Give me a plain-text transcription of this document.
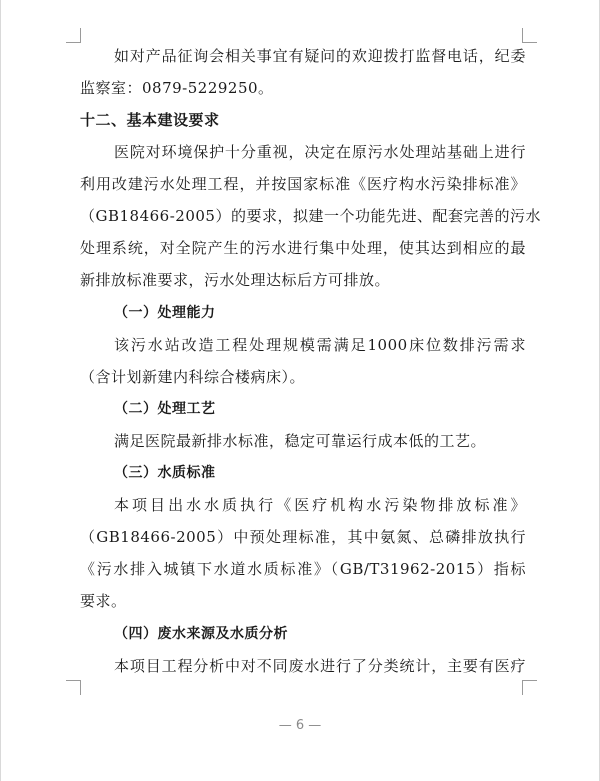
如对产品征询会相关事宜有疑问的欢迎拨打监督电话，纪委
监察室：0879-5229250。
十二、基本建设要求
医院对环境保护十分重视，决定在原污水处理站基础上进行
利用改建污水处理工程，并按国家标准《医疗构水污染排标准》
（GB18466-2005）的要求，拟建一个功能先进、配套完善的污水
处理系统，对全院产生的污水进行集中处理，使其达到相应的最
新排放标准要求，污水处理达标后方可排放。
（一）处理能力
该污水站改造工程处理规模需满足1000床位数排污需求
（含计划新建内科综合楼病床）。
（二）处理工艺
满足医院最新排水标准，稳定可靠运行成本低的工艺。
（三）水质标准
本项目出水水质执行《医疗机构水污染物排放标准》
（GB18466-2005）中预处理标准，其中氨氮、总磷排放执行
《污水排入城镇下水道水质标准》（GB/T31962-2015）指标
要求。
（四）废水来源及水质分析
本项目工程分析中对不同废水进行了分类统计，主要有医疗
— 6 —
